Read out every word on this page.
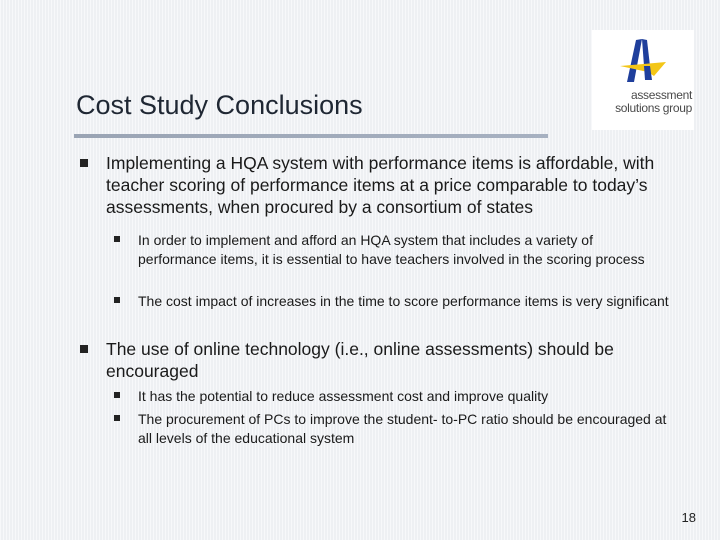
Cost Study Conclusions	assessment
solutions group
Implementing a HQA system with performance items is affordable, with teacher scoring of performance items at a price comparable to today’s assessments, when procured by a consortium of states
In order to implement and afford an HQA system that includes a variety of performance items, it is essential to have teachers involved in the scoring process
The cost impact of increases in the time to score performance items is very significant
The use of online technology (i.e., online assessments) should be encouraged
It has the potential to reduce assessment cost and improve quality
The procurement of PCs to improve the student- to-PC ratio should be encouraged at all levels of the educational system
18
